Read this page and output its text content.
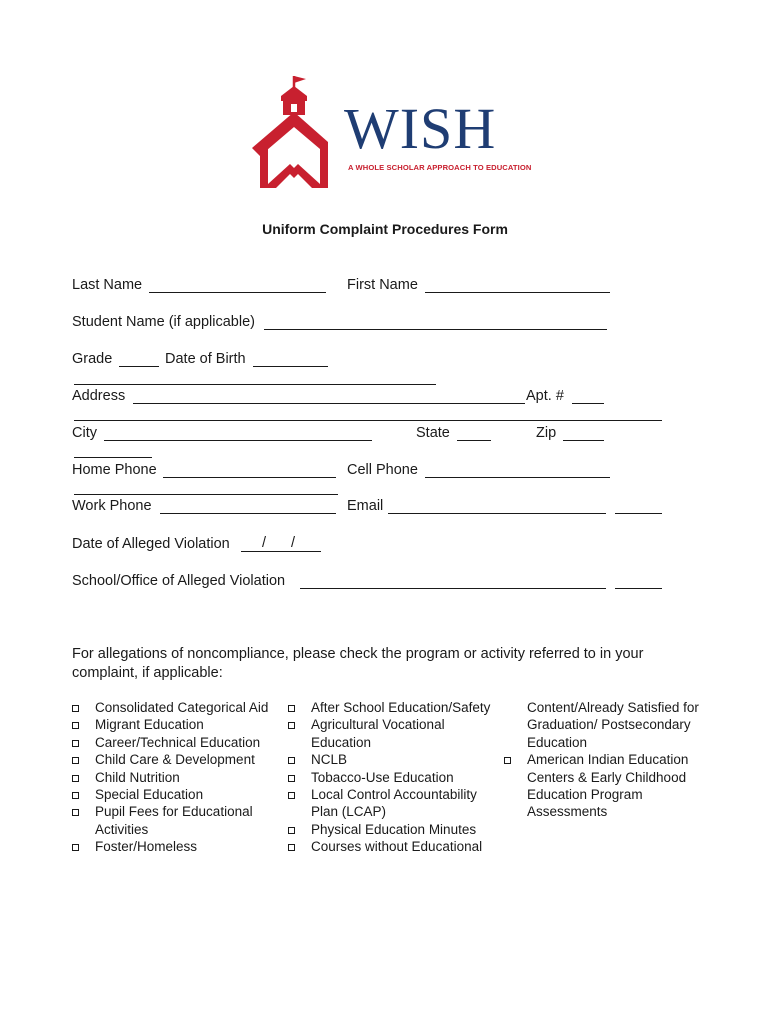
WISH
A WHOLE SCHOLAR APPROACH TO EDUCATION
Uniform Complaint Procedures Form
Last Name	First Name
Student Name (if applicable)
Grade	Date of Birth
Address	Apt. #
City	State	Zip
Home Phone	Cell Phone
Work Phone	Email
Date of Alleged Violation / /
School/Office of Alleged Violation
For allegations of noncompliance, please check the program or activity referred to in your complaint, if applicable:
Consolidated Categorical Aid
Migrant Education
Career/Technical Education
Child Care & Development
Child Nutrition
Special Education
Pupil Fees for Educational Activities
Foster/Homeless
After School Education/Safety
Agricultural Vocational Education
NCLB
Tobacco-Use Education
Local Control Accountability Plan (LCAP)
Physical Education Minutes
Courses without Educational
Content/Already Satisfied for Graduation/ Postsecondary Education
American Indian Education Centers & Early Childhood Education Program Assessments
